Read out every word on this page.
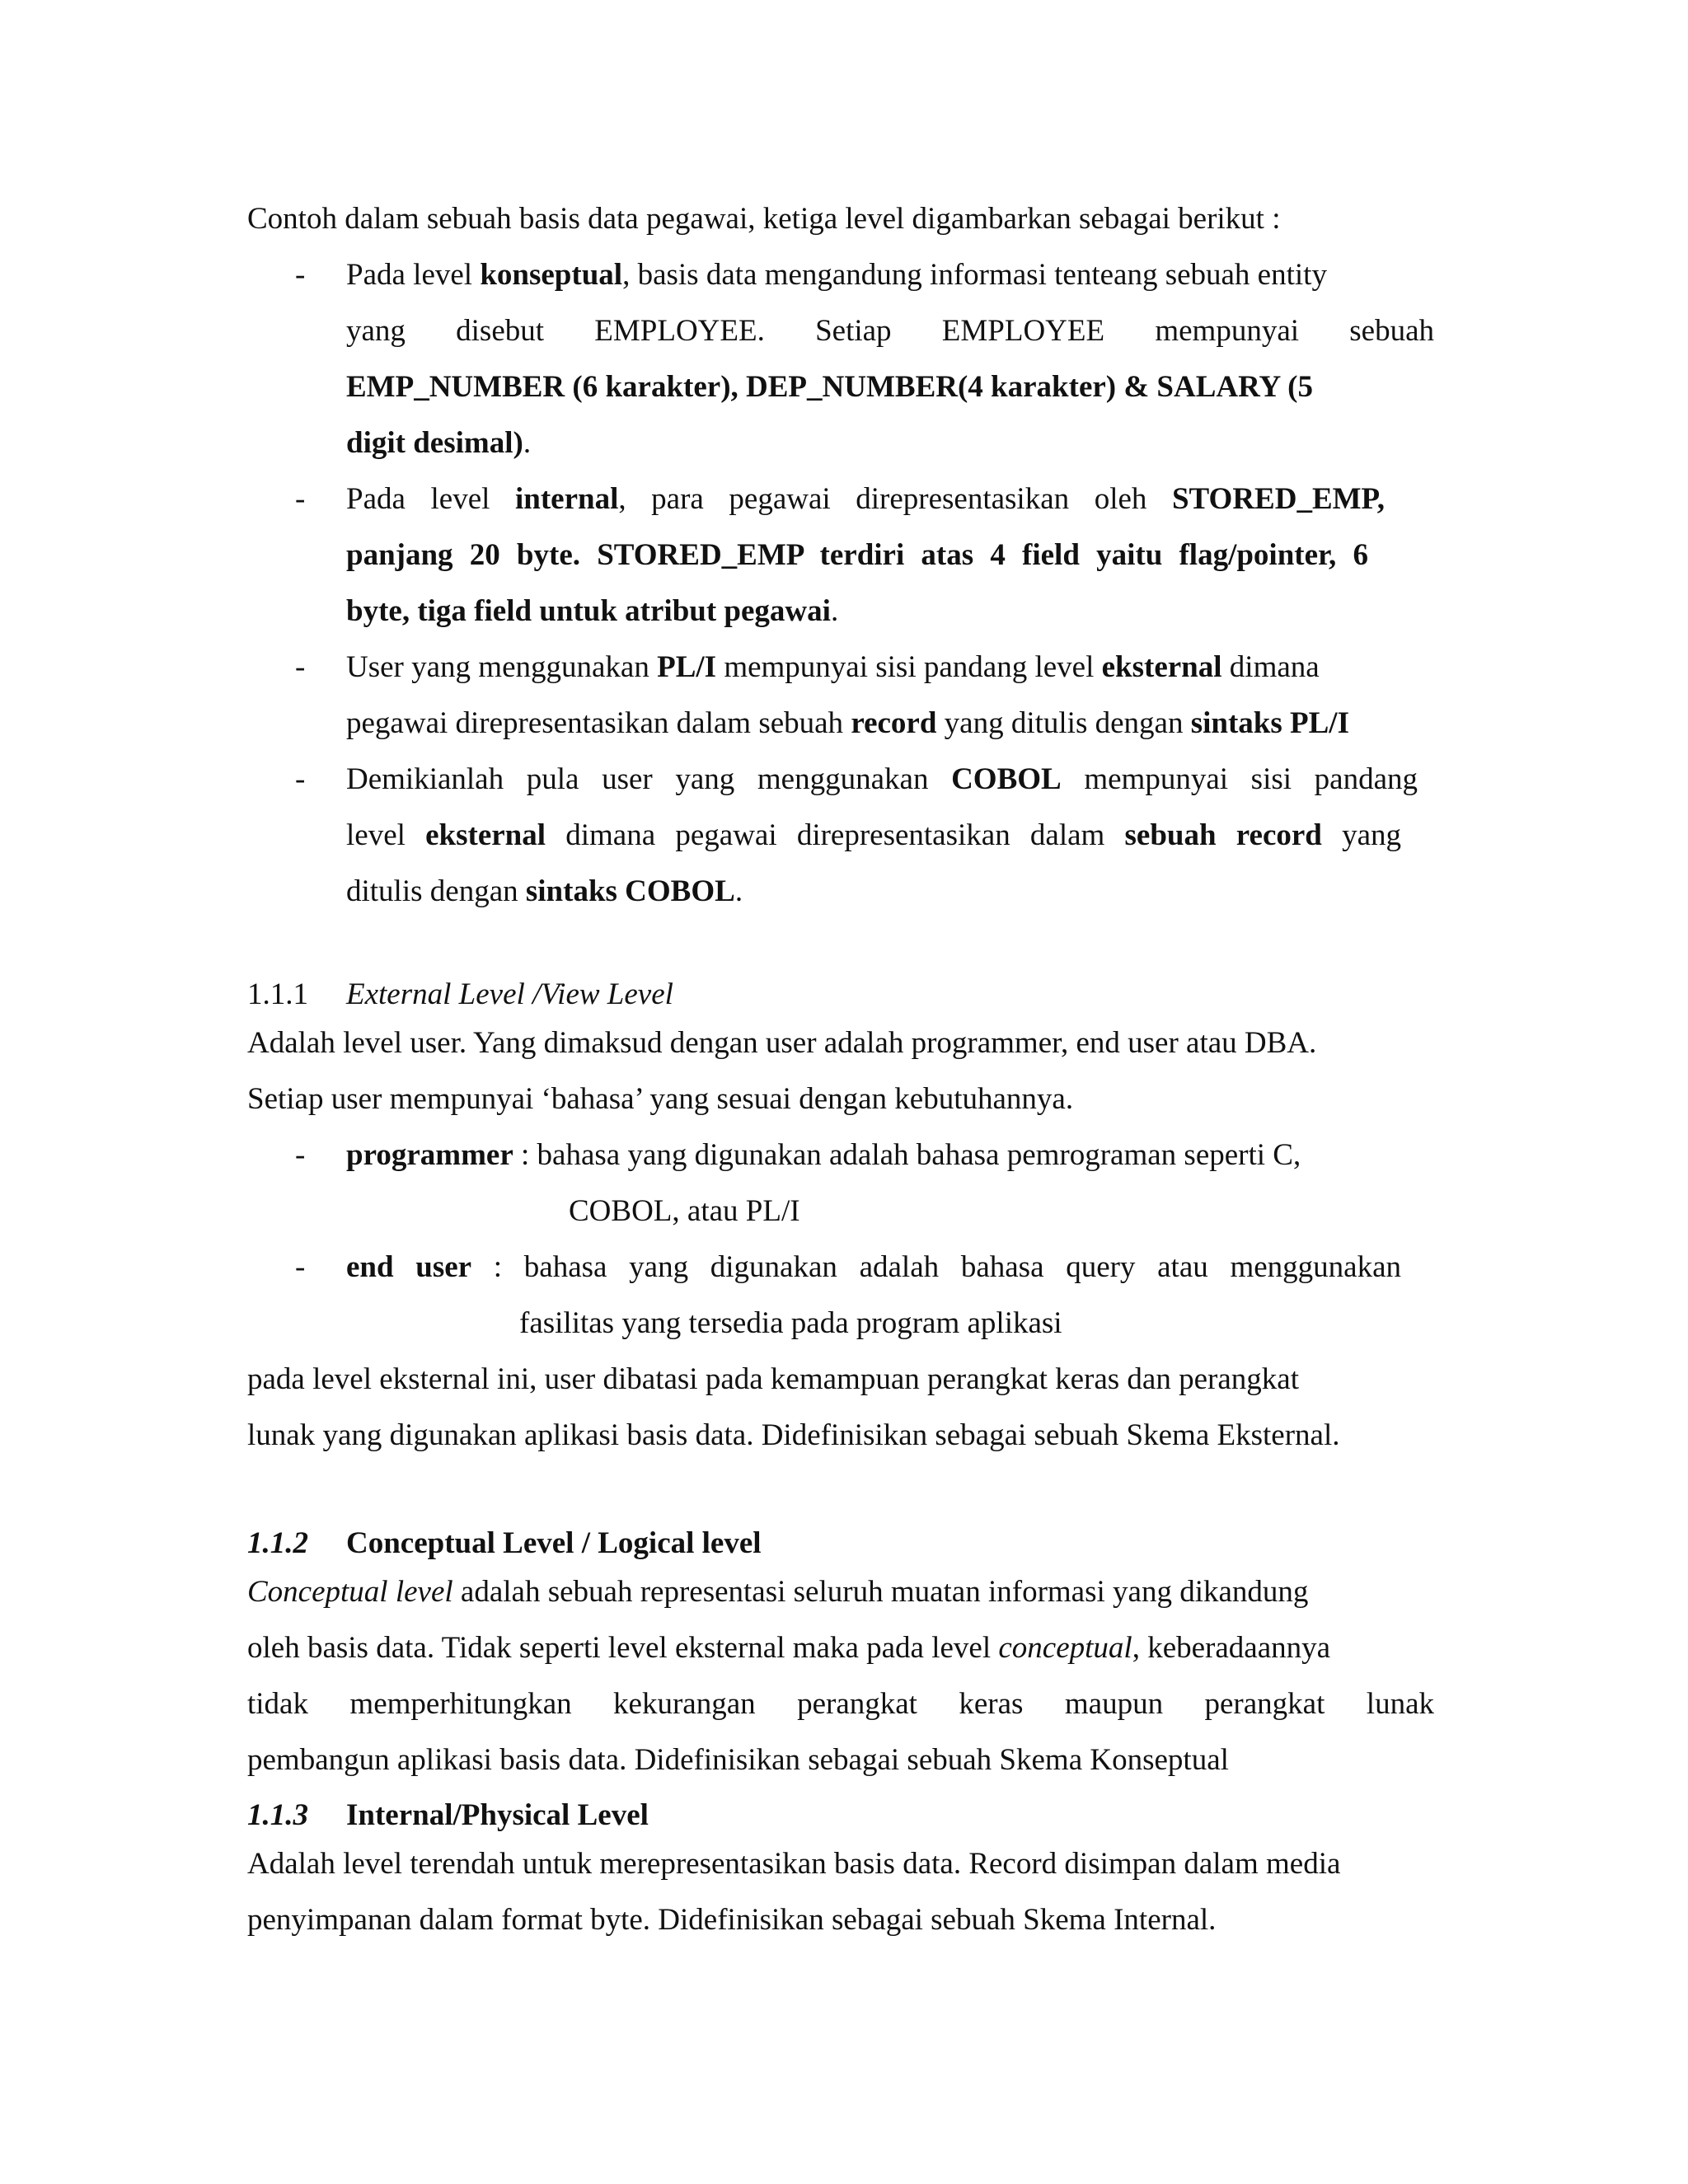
Contoh dalam sebuah basis data pegawai, ketiga level digambarkan sebagai berikut :

- Pada level konseptual, basis data mengandung informasi tenteang sebuah entity
yang disebut EMPLOYEE. Setiap EMPLOYEE mempunyai sebuah
EMP_NUMBER (6 karakter), DEP_NUMBER(4 karakter) & SALARY (5
digit desimal).
- Pada level internal, para pegawai direpresentasikan oleh STORED_EMP,
panjang 20 byte. STORED_EMP terdiri atas 4 field yaitu flag/pointer, 6
byte, tiga field untuk atribut pegawai.
- User yang menggunakan PL/I mempunyai sisi pandang level eksternal dimana
pegawai direpresentasikan dalam sebuah record yang ditulis dengan sintaks PL/I
- Demikianlah pula user yang menggunakan COBOL mempunyai sisi pandang
level eksternal dimana pegawai direpresentasikan dalam sebuah record yang
ditulis dengan sintaks COBOL.

1.1.1 External Level /View Level

Adalah level user. Yang dimaksud dengan user adalah programmer, end user atau DBA.

Setiap user mempunyai ‘bahasa’ yang sesuai dengan kebutuhannya.

- programmer : bahasa yang digunakan adalah bahasa pemrograman seperti C,
COBOL, atau PL/I
- end user : bahasa yang digunakan adalah bahasa query atau menggunakan
fasilitas yang tersedia pada program aplikasi

pada level eksternal ini, user dibatasi pada kemampuan perangkat keras dan perangkat

lunak yang digunakan aplikasi basis data. Didefinisikan sebagai sebuah Skema Eksternal.

1.1.2 Conceptual Level / Logical level

Conceptual level adalah sebuah representasi seluruh muatan informasi yang dikandung

oleh basis data. Tidak seperti level eksternal maka pada level conceptual, keberadaannya

tidak memperhitungkan kekurangan perangkat keras maupun perangkat lunak

pembangun aplikasi basis data. Didefinisikan sebagai sebuah Skema Konseptual

1.1.3 Internal/Physical Level

Adalah level terendah untuk merepresentasikan basis data. Record disimpan dalam media

penyimpanan dalam format byte. Didefinisikan sebagai sebuah Skema Internal.
